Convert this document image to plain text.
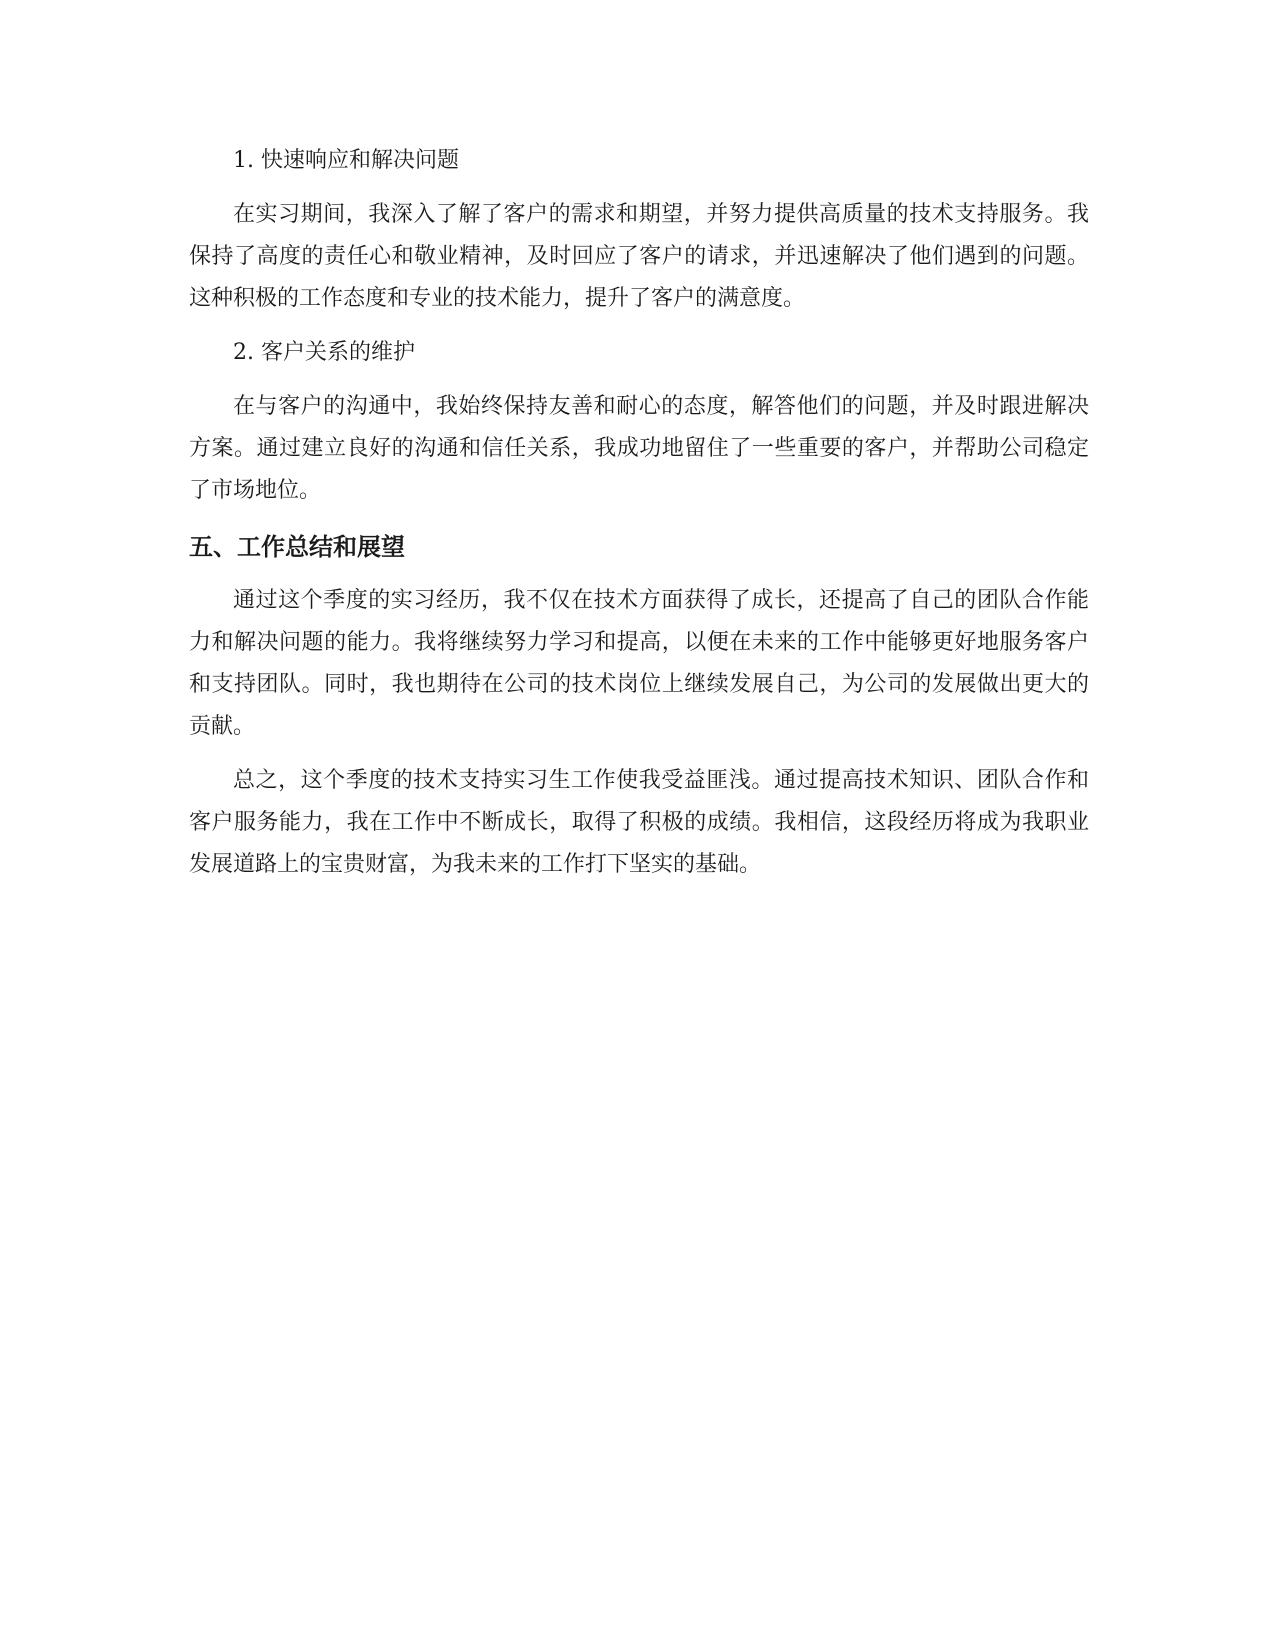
1. 快速响应和解决问题

在实习期间，我深入了解了客户的需求和期望，并努力提供高质量的技术支持服务。我保持了高度的责任心和敬业精神，及时回应了客户的请求，并迅速解决了他们遇到的问题。这种积极的工作态度和专业的技术能力，提升了客户的满意度。

2. 客户关系的维护

在与客户的沟通中，我始终保持友善和耐心的态度，解答他们的问题，并及时跟进解决方案。通过建立良好的沟通和信任关系，我成功地留住了一些重要的客户，并帮助公司稳定了市场地位。

五、工作总结和展望

通过这个季度的实习经历，我不仅在技术方面获得了成长，还提高了自己的团队合作能力和解决问题的能力。我将继续努力学习和提高，以便在未来的工作中能够更好地服务客户和支持团队。同时，我也期待在公司的技术岗位上继续发展自己，为公司的发展做出更大的贡献。

总之，这个季度的技术支持实习生工作使我受益匪浅。通过提高技术知识、团队合作和客户服务能力，我在工作中不断成长，取得了积极的成绩。我相信，这段经历将成为我职业发展道路上的宝贵财富，为我未来的工作打下坚实的基础。
